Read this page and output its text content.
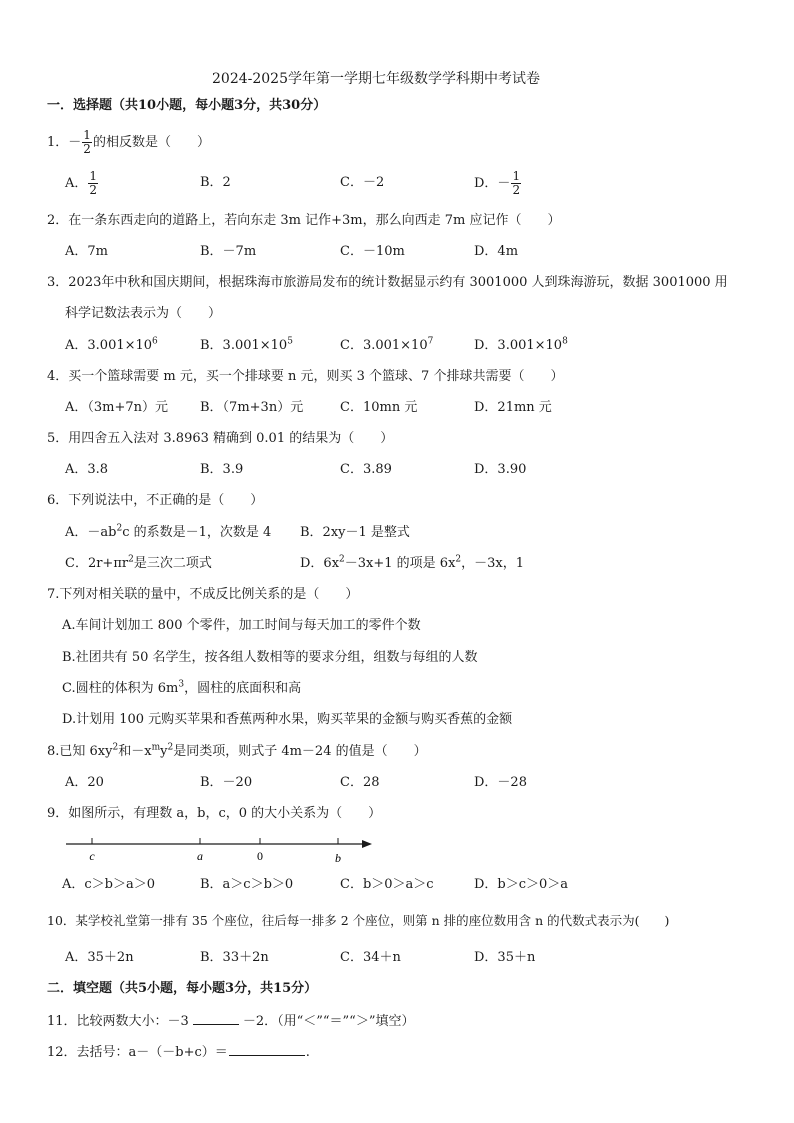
2024-2025学年第一学期七年级数学学科期中考试卷
一．选择题（共10小题，每小题3分，共30分）
1．－ $\frac{1}{2}$ 的相反数是（　　）
A． $\frac{1}{2}$	B．2	C．－2	D．－ $\frac{1}{2}$
2．在一条东西走向的道路上，若向东走 3m 记作+3m，那么向西走 7m 应记作（　　）
A．7m	B．－7m	C．－10m	D．4m
3．2023年中秋和国庆期间，根据珠海市旅游局发布的统计数据显示约有 3001000 人到珠海游玩，数据 3001000 用
科学记数法表示为（　　）
A．$3.001\times 10^6$	B．$3.001\times 10^5$	C．$3.001\times 10^7$	D．$3.001\times 10^8$
4．买一个篮球需要 m 元，买一个排球要 n 元，则买 3 个篮球、7 个排球共需要（　　）
A．（3m+7n）元 B．（7m+3n）元	C．10mn 元	D．21mn 元
5．用四舍五入法对 3.8963 精确到 0.01 的结果为（　　）
A．3.8	B．3.9	C．3.89	D．3.90
6．下列说法中，不正确的是（　　）
A．$-ab^2c$ 的系数是－1，次数是 4 B．2xy－1 是整式
C．$2r+\pi r^2$是三次二项式	D．$6x^2-3x+1$ 的项是 $6x^2$，－3x，1
7.下列对相关联的量中，不成反比例关系的是（　　）
A.车间计划加工 800 个零件，加工时间与每天加工的零件个数
B.社团共有 50 名学生，按各组人数相等的要求分组，组数与每组的人数
C.圆柱的体积为 $6m^3$，圆柱的底面积和高
D.计划用 100 元购买苹果和香蕉两种水果，购买苹果的金额与购买香蕉的金额
8.已知 $6xy^2$和$-x^my^2$是同类项，则式子 4m－24 的值是（　　）
A．20	B．－20	C．28	D．－28
9．如图所示，有理数 a，b，c，0 的大小关系为（　　）
c	a	0	b
A．c＞b＞a＞0	B．a＞c＞b＞0	C．b＞0＞a＞c	D．b＞c＞0＞a
10．某学校礼堂第一排有 35 个座位，往后每一排多 2 个座位，则第 n 排的座位数用含 n 的代数式表示为(　　)
A．35＋2n	B．33＋2n	C．34＋n	D．35＋n
二．填空题（共5小题，每小题3分，共15分）
11．比较两数大小：－3	－2．（用“＜”“＝”“＞”填空）
12．去括号：a－（－b+c）＝	.
